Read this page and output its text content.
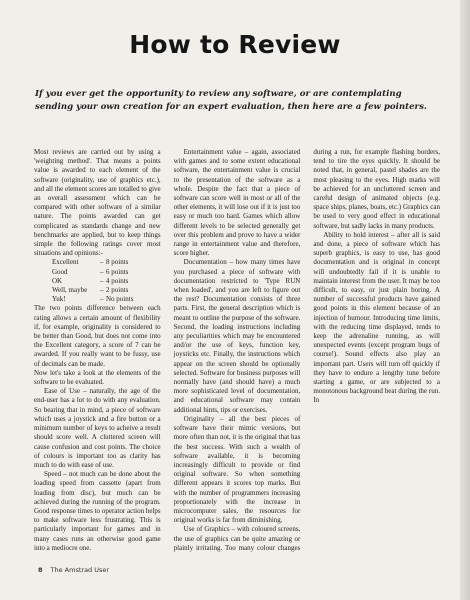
How to Review

If you ever get the opportunity to review any software, or are contemplating sending your own creation for an expert evaluation, then here are a few pointers.

Most reviews are carried out by using a 'weighting method'. That means a points value is awarded to each element of the software (originality, use of graphics etc.), and all the element scores are totalled to give an overall assessment which can be compared with other software of a similar nature. The points awarded can get complicated as standards change and new benchmarks are applied, but to keep things simple the following ratings cover most situations and opinions:-

Excellent	– 8 points
Good	– 6 points
OK	– 4 points
Well, maybe	– 2 points
Yuk!	– No points

The two points difference between each rating allows a certain amount of flexibility if, for example, originality is considered to be better than Good, but does not come into the Excellent category, a score of 7 can be awarded. If you really want to be fussy, use of decimals can be made.

Now let's take a look at the elements of the software to be evaluated.

Ease of Use – naturally, the age of the end-user has a lot to do with any evaluation. So bearing that in mind, a piece of software which uses a joystick and a fire button or a minimum number of keys to acheive a result should score well. A cluttered screen will cause confusion and cost points. The choice of colours is important too as clarity has much to do with ease of use.

Speed – not much can be done about the loading speed from cassette (apart from loading from disc), but much can be achieved during the running of the program. Good response times to operator action helps to make software less frustrating. This is particularly important for games and in many cases runs an otherwise good game into a mediocre one.

Entertainment value – again, associated with games and to some extent educational software, the entertainment value is crucial to the presentation of the software as a whole. Despite the fact that a piece of software can score well in most or all of the other elements, it will lose out if it is just too easy or much too hard. Games which allow different levels to be selected generally get over this problem and prove to have a wider range in entertainment value and therefore, score higher.

Documentation – how many times have you purchased a piece of software with documentation restricted to 'Type RUN when loaded', and you are left to figure out the rest? Documentation consists of three parts. First, the general description which is meant to outline the purpose of the software. Second, the loading instructions including any peculiarities which may be encountered and/or the use of keys, function key, joysticks etc. Finally, the instructions which appear on the screen should be optionally selected. Software for business purposes will normally have (and should have) a much more sophisticated level of documentation, and educational software may contain additional hints, tips or exercises.

Originality – all the best pieces of software have their mimic versions, but more often than not, it is the original that has the best success. With such a wealth of software available, it is becoming increasingly difficult to provide or find original software. So when something different appears it scores top marks. But with the number of programmers increasing proportionately with the increase in microcomputer sales, the resources for original works is far from diminishing.

Use of Graphics – with coloured screens, the use of graphics can be quite amazing or plainly irritating. Too many colour changes during a run, for example flashing borders, tend to tire the eyes quickly. It should be noted that, in general, pastel shades are the most pleasing to the eyes. High marks will be achieved for an uncluttered screen and careful design of animated objects (e.g. space ships, planes, boats, etc.) Graphics can be used to very good effect in educational software, but sadly lacks in many products.

Ability to hold interest – after all is said and done, a piece of software which has superb graphics, is easy to use, has good documentation and is original in concept will undoubtedly fail if it is unable to maintain interest from the user. It may be too difficult, to easy, or just plain boring. A number of successful products have gained good points in this element because of an injection of humour. Introducing time limits, with the reducing time displayed, tends to keep the adrenaline running, as will unexpected events (except program bugs of course!). Sound effects also play an important part. Users will turn off quickly if they have to endure a lengthy tune before starting a game, or are subjected to a monotonous background beat during the run. In

8 The Amstrad User
